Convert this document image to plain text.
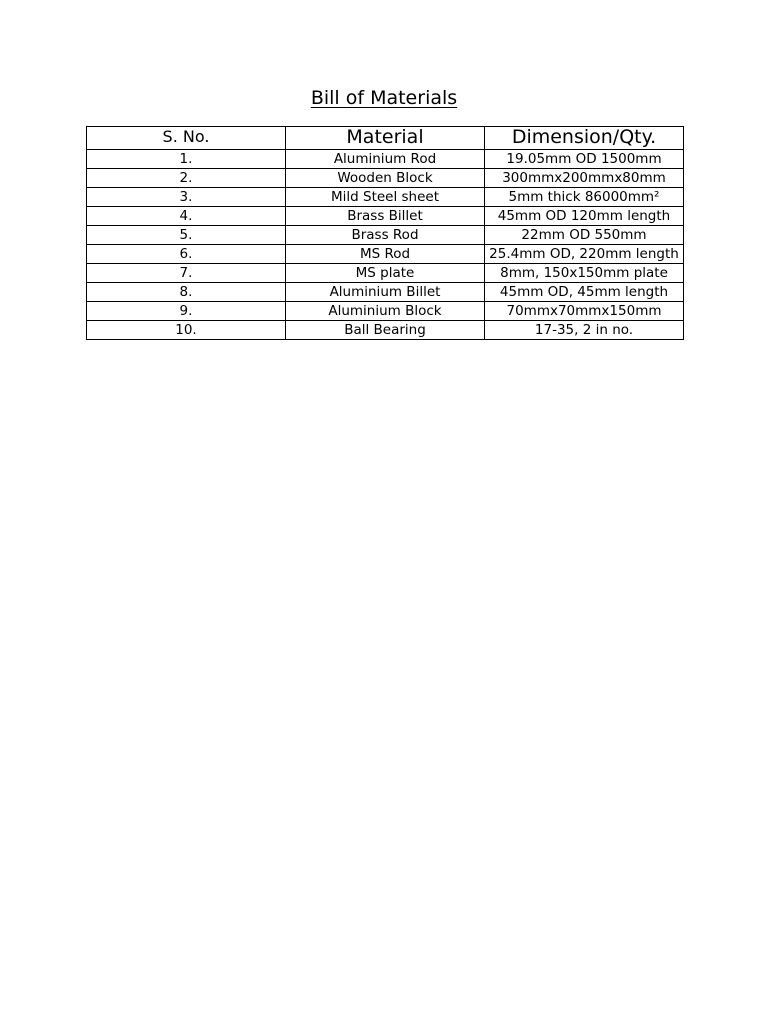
Bill of Materials
S. No.	Material	Dimension/Qty.
1.	Aluminium Rod	19.05mm OD 1500mm
2.	Wooden Block	300mmx200mmx80mm
3.	Mild Steel sheet	5mm thick 86000mm²
4.	Brass Billet	45mm OD 120mm length
5.	Brass Rod	22mm OD 550mm
6.	MS Rod	25.4mm OD, 220mm length
7.	MS plate	8mm, 150x150mm plate
8.	Aluminium Billet	45mm OD, 45mm length
9.	Aluminium Block	70mmx70mmx150mm
10.	Ball Bearing	17-35, 2 in no.
